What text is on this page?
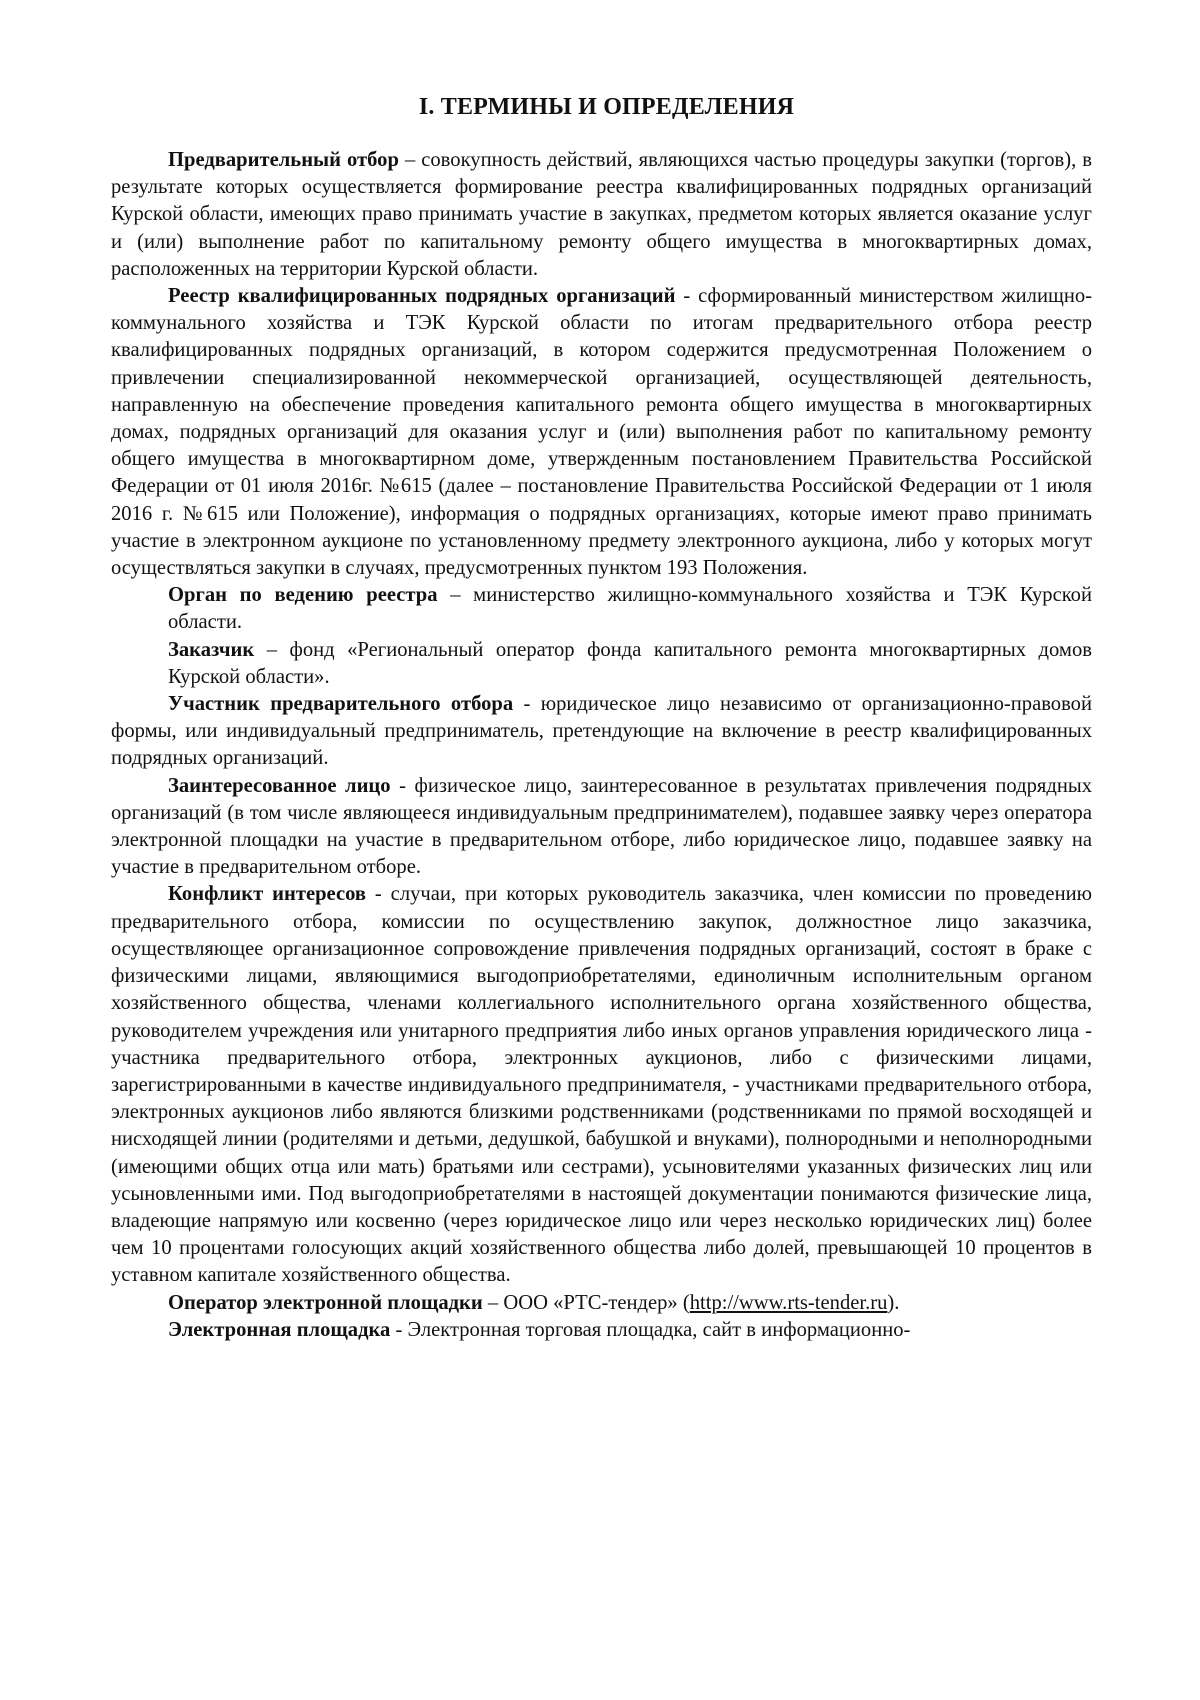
I. ТЕРМИНЫ И ОПРЕДЕЛЕНИЯ

Предварительный отбор – совокупность действий, являющихся частью процедуры закупки (торгов), в результате которых осуществляется формирование реестра квалифицированных подрядных организаций Курской области, имеющих право принимать участие в закупках, предметом которых является оказание услуг и (или) выполнение работ по капитальному ремонту общего имущества в многоквартирных домах, расположенных на территории Курской области.

Реестр квалифицированных подрядных организаций - сформированный министерством жилищно-коммунального хозяйства и ТЭК Курской области по итогам предварительного отбора реестр квалифицированных подрядных организаций, в котором содержится предусмотренная Положением о привлечении специализированной некоммерческой организацией, осуществляющей деятельность, направленную на обеспечение проведения капитального ремонта общего имущества в многоквартирных домах, подрядных организаций для оказания услуг и (или) выполнения работ по капитальному ремонту общего имущества в многоквартирном доме, утвержденным постановлением Правительства Российской Федерации от 01 июля 2016г. №615 (далее – постановление Правительства Российской Федерации от 1 июля 2016 г. №615 или Положение), информация о подрядных организациях, которые имеют право принимать участие в электронном аукционе по установленному предмету электронного аукциона, либо у которых могут осуществляться закупки в случаях, предусмотренных пунктом 193 Положения.

Орган по ведению реестра – министерство жилищно-коммунального хозяйства и ТЭК Курской области.

Заказчик – фонд «Региональный оператор фонда капитального ремонта многоквартирных домов Курской области».

Участник предварительного отбора - юридическое лицо независимо от организационно-правовой формы, или индивидуальный предприниматель, претендующие на включение в реестр квалифицированных подрядных организаций.

Заинтересованное лицо - физическое лицо, заинтересованное в результатах привлечения подрядных организаций (в том числе являющееся индивидуальным предпринимателем), подавшее заявку через оператора электронной площадки на участие в предварительном отборе, либо юридическое лицо, подавшее заявку на участие в предварительном отборе.

Конфликт интересов - случаи, при которых руководитель заказчика, член комиссии по проведению предварительного отбора, комиссии по осуществлению закупок, должностное лицо заказчика, осуществляющее организационное сопровождение привлечения подрядных организаций, состоят в браке с физическими лицами, являющимися выгодоприобретателями, единоличным исполнительным органом хозяйственного общества, членами коллегиального исполнительного органа хозяйственного общества, руководителем учреждения или унитарного предприятия либо иных органов управления юридического лица - участника предварительного отбора, электронных аукционов, либо с физическими лицами, зарегистрированными в качестве индивидуального предпринимателя, - участниками предварительного отбора, электронных аукционов либо являются близкими родственниками (родственниками по прямой восходящей и нисходящей линии (родителями и детьми, дедушкой, бабушкой и внуками), полнородными и неполнородными (имеющими общих отца или мать) братьями или сестрами), усыновителями указанных физических лиц или усыновленными ими. Под выгодоприобретателями в настоящей документации понимаются физические лица, владеющие напрямую или косвенно (через юридическое лицо или через несколько юридических лиц) более чем 10 процентами голосующих акций хозяйственного общества либо долей, превышающей 10 процентов в уставном капитале хозяйственного общества.

Оператор электронной площадки – ООО «РТС-тендер» (http://www.rts-tender.ru).

Электронная площадка - Электронная торговая площадка, сайт в информационно-
